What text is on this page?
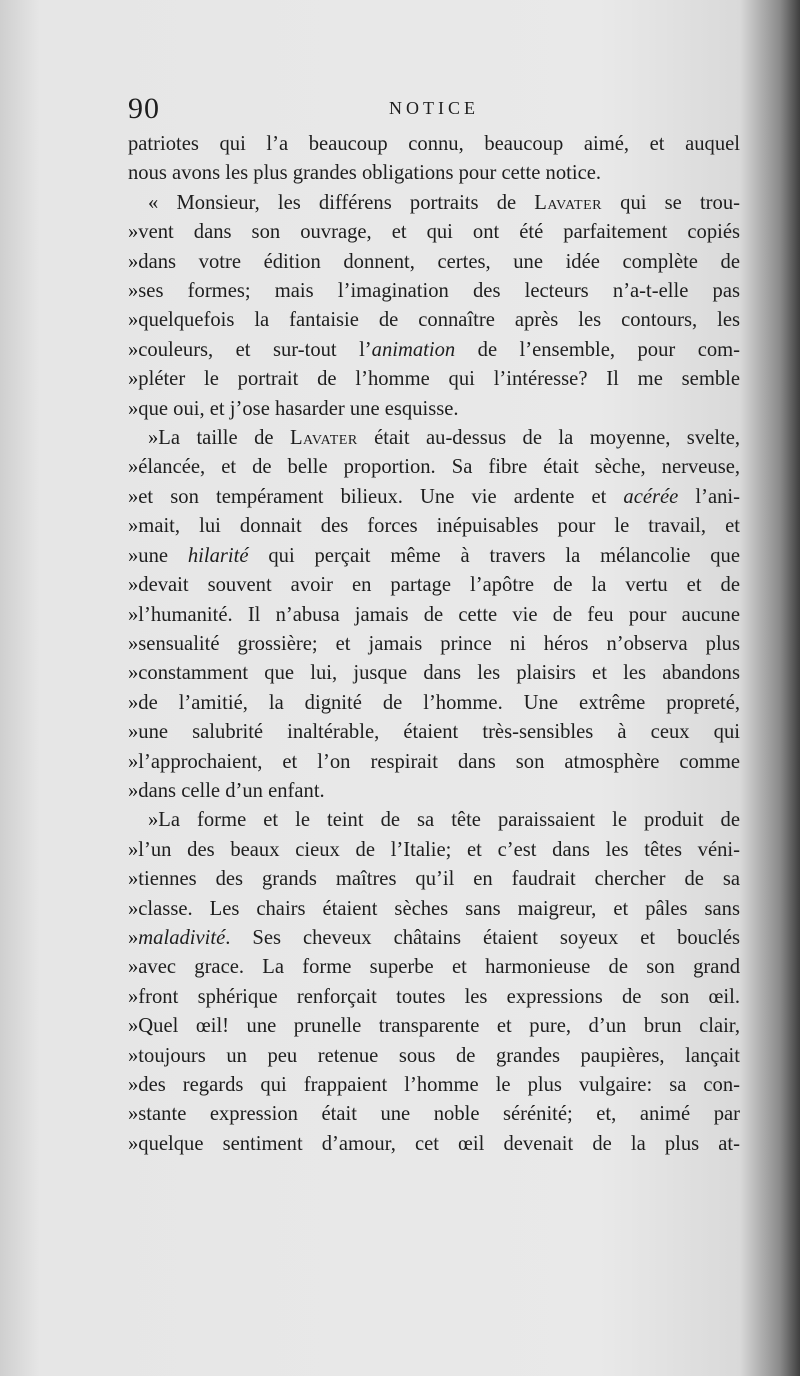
90	NOTICE
patriotes qui l’a beaucoup connu, beaucoup aimé, et auquel
nous avons les plus grandes obligations pour cette notice.
« Monsieur, les différens portraits de Lavater qui se trou-
»vent dans son ouvrage, et qui ont été parfaitement copiés
»dans votre édition donnent, certes, une idée complète de
»ses formes; mais l’imagination des lecteurs n’a-t-elle pas
»quelquefois la fantaisie de connaître après les contours, les
»couleurs, et sur-tout l’animation de l’ensemble, pour com-
»pléter le portrait de l’homme qui l’intéresse? Il me semble
»que oui, et j’ose hasarder une esquisse.
»La taille de Lavater était au-dessus de la moyenne, svelte,
»élancée, et de belle proportion. Sa fibre était sèche, nerveuse,
»et son tempérament bilieux. Une vie ardente et acérée l’ani-
»mait, lui donnait des forces inépuisables pour le travail, et
»une hilarité qui perçait même à travers la mélancolie que
»devait souvent avoir en partage l’apôtre de la vertu et de
»l’humanité. Il n’abusa jamais de cette vie de feu pour aucune
»sensualité grossière; et jamais prince ni héros n’observa plus
»constamment que lui, jusque dans les plaisirs et les abandons
»de l’amitié, la dignité de l’homme. Une extrême propreté,
»une salubrité inaltérable, étaient très-sensibles à ceux qui
»l’approchaient, et l’on respirait dans son atmosphère comme
»dans celle d’un enfant.
»La forme et le teint de sa tête paraissaient le produit de
»l’un des beaux cieux de l’Italie; et c’est dans les têtes véni-
»tiennes des grands maîtres qu’il en faudrait chercher de sa
»classe. Les chairs étaient sèches sans maigreur, et pâles sans
»maladivité. Ses cheveux châtains étaient soyeux et bouclés
»avec grace. La forme superbe et harmonieuse de son grand
»front sphérique renforçait toutes les expressions de son œil.
»Quel œil! une prunelle transparente et pure, d’un brun clair,
»toujours un peu retenue sous de grandes paupières, lançait
»des regards qui frappaient l’homme le plus vulgaire: sa con-
»stante expression était une noble sérénité; et, animé par
»quelque sentiment d’amour, cet œil devenait de la plus at-
